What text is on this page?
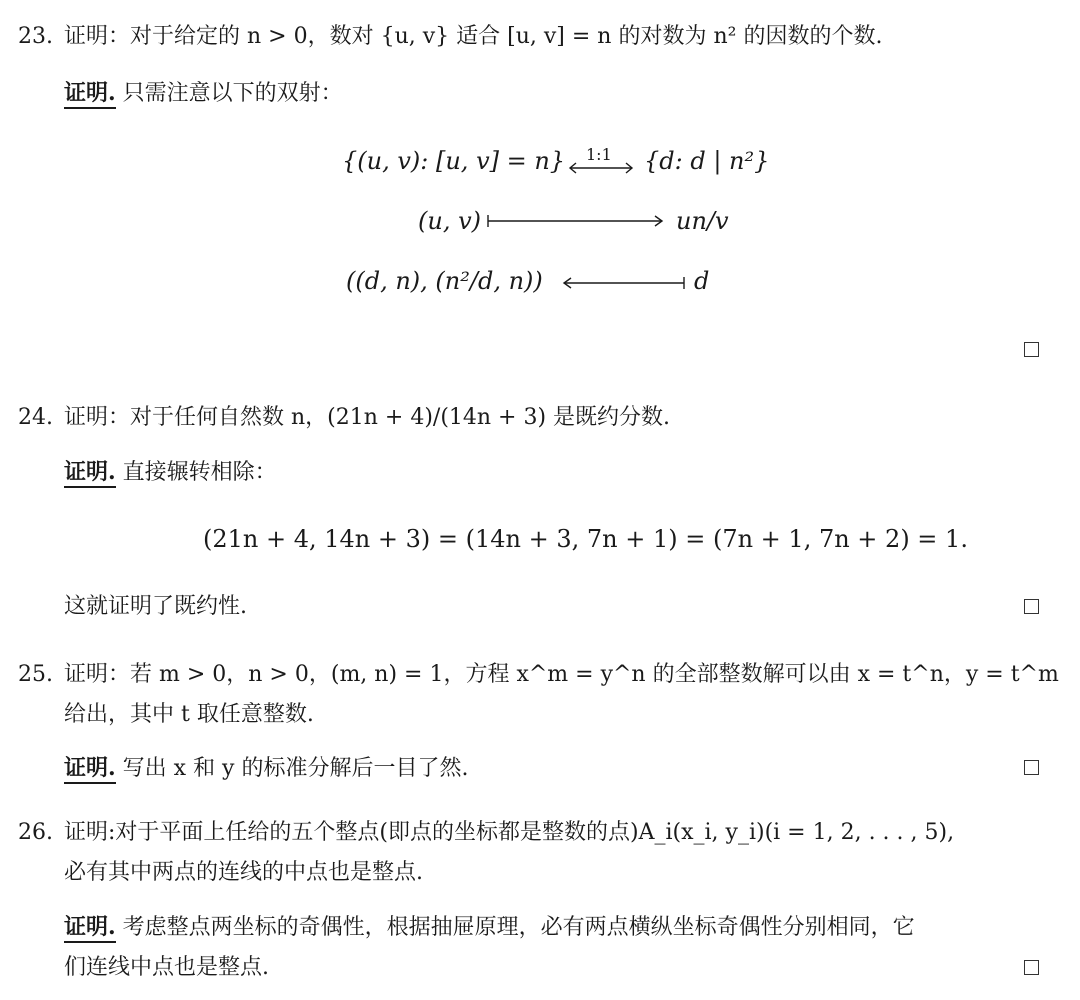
23. 证明：对于给定的 n > 0，数对 {u, v} 适合 [u, v] = n 的对数为 n² 的因数的个数.
证明. 只需注意以下的双射：
{(u, v): [u, v] = n} 1:1 {d: d | n²}
(u, v)	un/v
((d, n), (n²/d, n))	d
24. 证明：对于任何自然数 n，(21n + 4)/(14n + 3) 是既约分数.
证明. 直接辗转相除：
(21n + 4, 14n + 3) = (14n + 3, 7n + 1) = (7n + 1, 7n + 2) = 1.
这就证明了既约性.
25. 证明：若 m > 0，n > 0，(m, n) = 1，方程 x^m = y^n 的全部整数解可以由 x = t^n，y = t^m
给出，其中 t 取任意整数.
证明. 写出 x 和 y 的标准分解后一目了然.
26. 证明:对于平面上任给的五个整点(即点的坐标都是整数的点)A_i(x_i, y_i)(i = 1, 2, . . . , 5),
必有其中两点的连线的中点也是整点.
证明. 考虑整点两坐标的奇偶性，根据抽屉原理，必有两点横纵坐标奇偶性分别相同，它
们连线中点也是整点.
